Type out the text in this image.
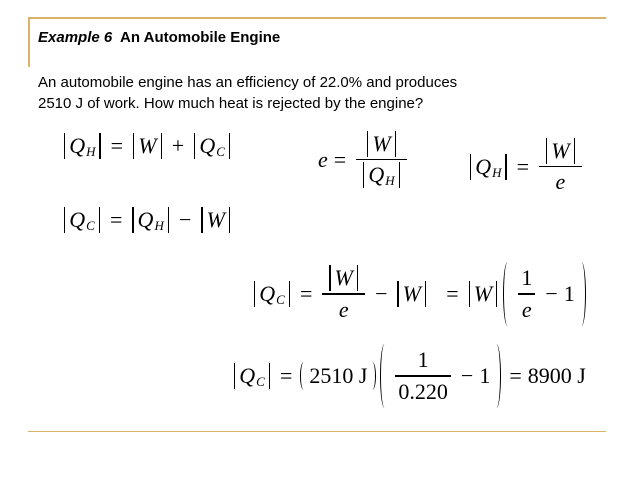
Example 6 An Automobile Engine
An automobile engine has an efficiency of 22.0% and produces
2510 J of work. How much heat is rejected by the engine?
Q H = W + Q C
Q C = Q H − W
$e = \frac{W}{\text{Q H}}$	Q $H = \frac{W}{e}$
Q $C = \frac{W}{e} - W = W \frac{1}{e} - 1$
Q C = 2510 J $\frac{1}{0.220} - 1 = 8900$ J
